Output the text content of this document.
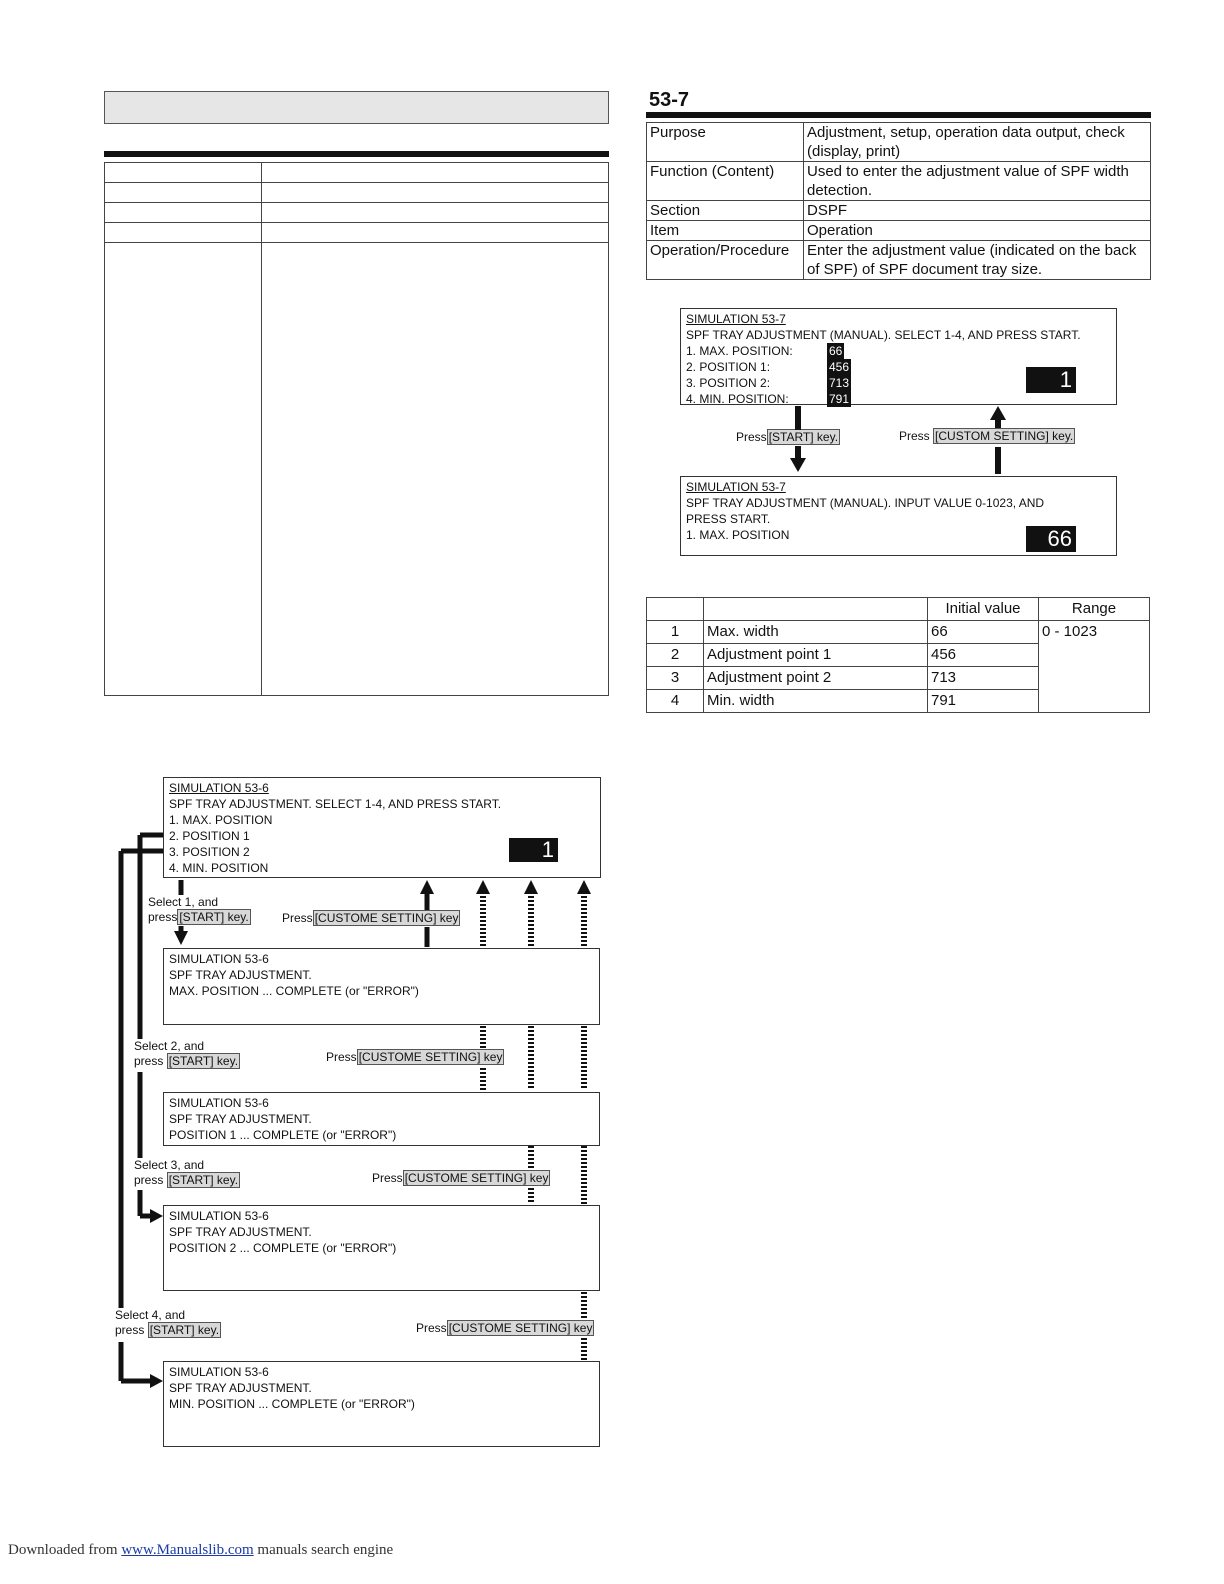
53-7
Purpose	Adjustment, setup, operation data output, check (display, print)
Function (Content)	Used to enter the adjustment value of SPF width detection.
Section	DSPF
Item	Operation
Operation/Procedure	Enter the adjustment value (indicated on the back of SPF) of SPF document tray size.
SIMULATION 53-7
SPF TRAY ADJUSTMENT (MANUAL). SELECT 1-4, AND PRESS START.
1. MAX. POSITION:	66
2. POSITION 1:	456
3. POSITION 2:	713
4. MIN. POSITION:	791
1
Press [START] key.	Press [CUSTOM SETTING] key.
SIMULATION 53-7
SPF TRAY ADJUSTMENT (MANUAL). INPUT VALUE 0-1023, AND
PRESS START.
1. MAX. POSITION	66
		Initial value	Range
1	Max. width	66	0 - 1023
2	Adjustment point 1	456	
3	Adjustment point 2	713	
4	Min. width	791	
SIMULATION 53-6
SPF TRAY ADJUSTMENT. SELECT 1-4, AND PRESS START.
1. MAX. POSITION
2. POSITION 1
3. POSITION 2
4. MIN. POSITION
1
SIMULATION 53-6
SPF TRAY ADJUSTMENT.
MAX. POSITION ... COMPLETE (or "ERROR")
SIMULATION 53-6
SPF TRAY ADJUSTMENT.
POSITION 1 ... COMPLETE (or "ERROR")
SIMULATION 53-6
SPF TRAY ADJUSTMENT.
POSITION 2 ... COMPLETE (or "ERROR")
SIMULATION 53-6
SPF TRAY ADJUSTMENT.
MIN. POSITION ... COMPLETE (or "ERROR")
Select 1, and
press [START] key.	Press [CUSTOME SETTING] key
Select 2, and
press [START] key.	Press [CUSTOME SETTING] key
Select 3, and
press [START] key.	Press [CUSTOME SETTING] key
Select 4, and
press [START] key.	Press [CUSTOME SETTING] key
Downloaded from www.Manualslib.com manuals search engine
